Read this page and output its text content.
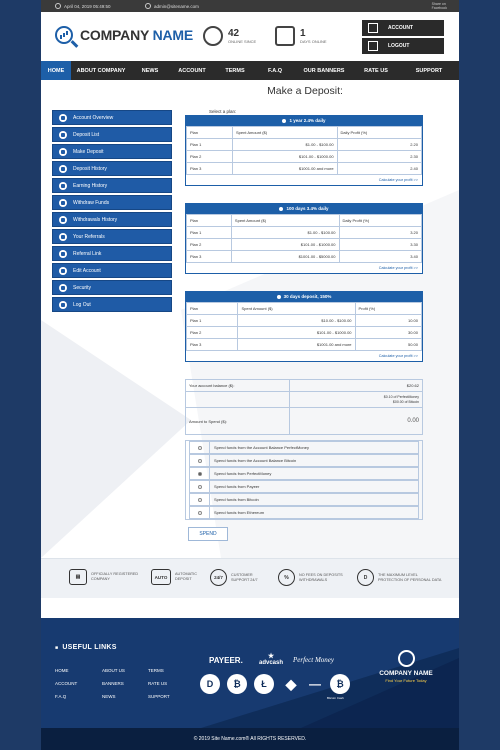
April 04, 2019 05:49:50	admin@sitename.com	Share on
Facebook
COMPANY NAME	42
ONLINE SINCE
1
DAYS ONLINE
ACCOUNT
LOGOUT
HOME	ABOUT COMPANY	NEWS	ACCOUNT	TERMS	F.A.Q	OUR BANNERS	RATE US	SUPPORT
Make a Deposit:
Account Overview
Deposit List
Make Deposit
Deposit History
Earning History
Withdraw Funds
Withdrawals History
Your Referrals
Referral Link
Edit Account
Security
Log Out
Select a plan:
1 year 2.4% daily
Plan	Spent Amount ($)	Daily Profit (%)
Plan 1	$1.00 - $100.00	2.20
Plan 2	$101.00 - $1000.00	2.30
Plan 3	$1001.00 and more	2.40
Calculate your profit >>
100 days 3.4% daily
Plan	Spent Amount ($)	Daily Profit (%)
Plan 1	$1.00 - $100.00	3.20
Plan 2	$101.00 - $1000.00	3.30
Plan 3	$1001.00 - $5000.00	3.40
Calculate your profit >>
30 days deposit, 150%
Plan	Spent Amount ($)	Profit (%)
Plan 1	$10.00 - $100.00	10.00
Plan 2	$101.00 - $1000.00	30.00
Plan 3	$1001.00 and more	50.00
Calculate your profit >>
Your account balance ($):	$20.62
$0.10 of PerfectMoney
$00.00 of Bitcoin
Amount to Spend ($):	0.00
Spend funds from the Account Balance PerfectMoney
Spend funds from the Account Balance Bitcoin
Spend funds from PerfectMoney
Spend funds from Payeer
Spend funds from Bitcoin
Spend funds from Ethereum
SPEND
▤	OFFICIALLY REGISTERED
COMPANY	AUTO
AUTOMATIC
DEPOSIT	24/7
CUSTOMER
SUPPORT 24/7	%	NO FEES ON DEPOSITS
WITHDRAWALS	D	THE MAXIMUM LEVEL
PROTECTION OF PERSONAL DATA
■ USEFUL LINKS
HOME	ABOUT US	TERMS
ACCOUNT	BANNERS	RATE US
F.A.Q	NEWS	SUPPORT
PAYEER.	★
advcash Perfect Money
D	₿	Ł	◆	—	₿
Bitcoin Cash
COMPANY NAME
Find Your Future Today
© 2019 Site Name.com® All RIGHTS RESERVED.
